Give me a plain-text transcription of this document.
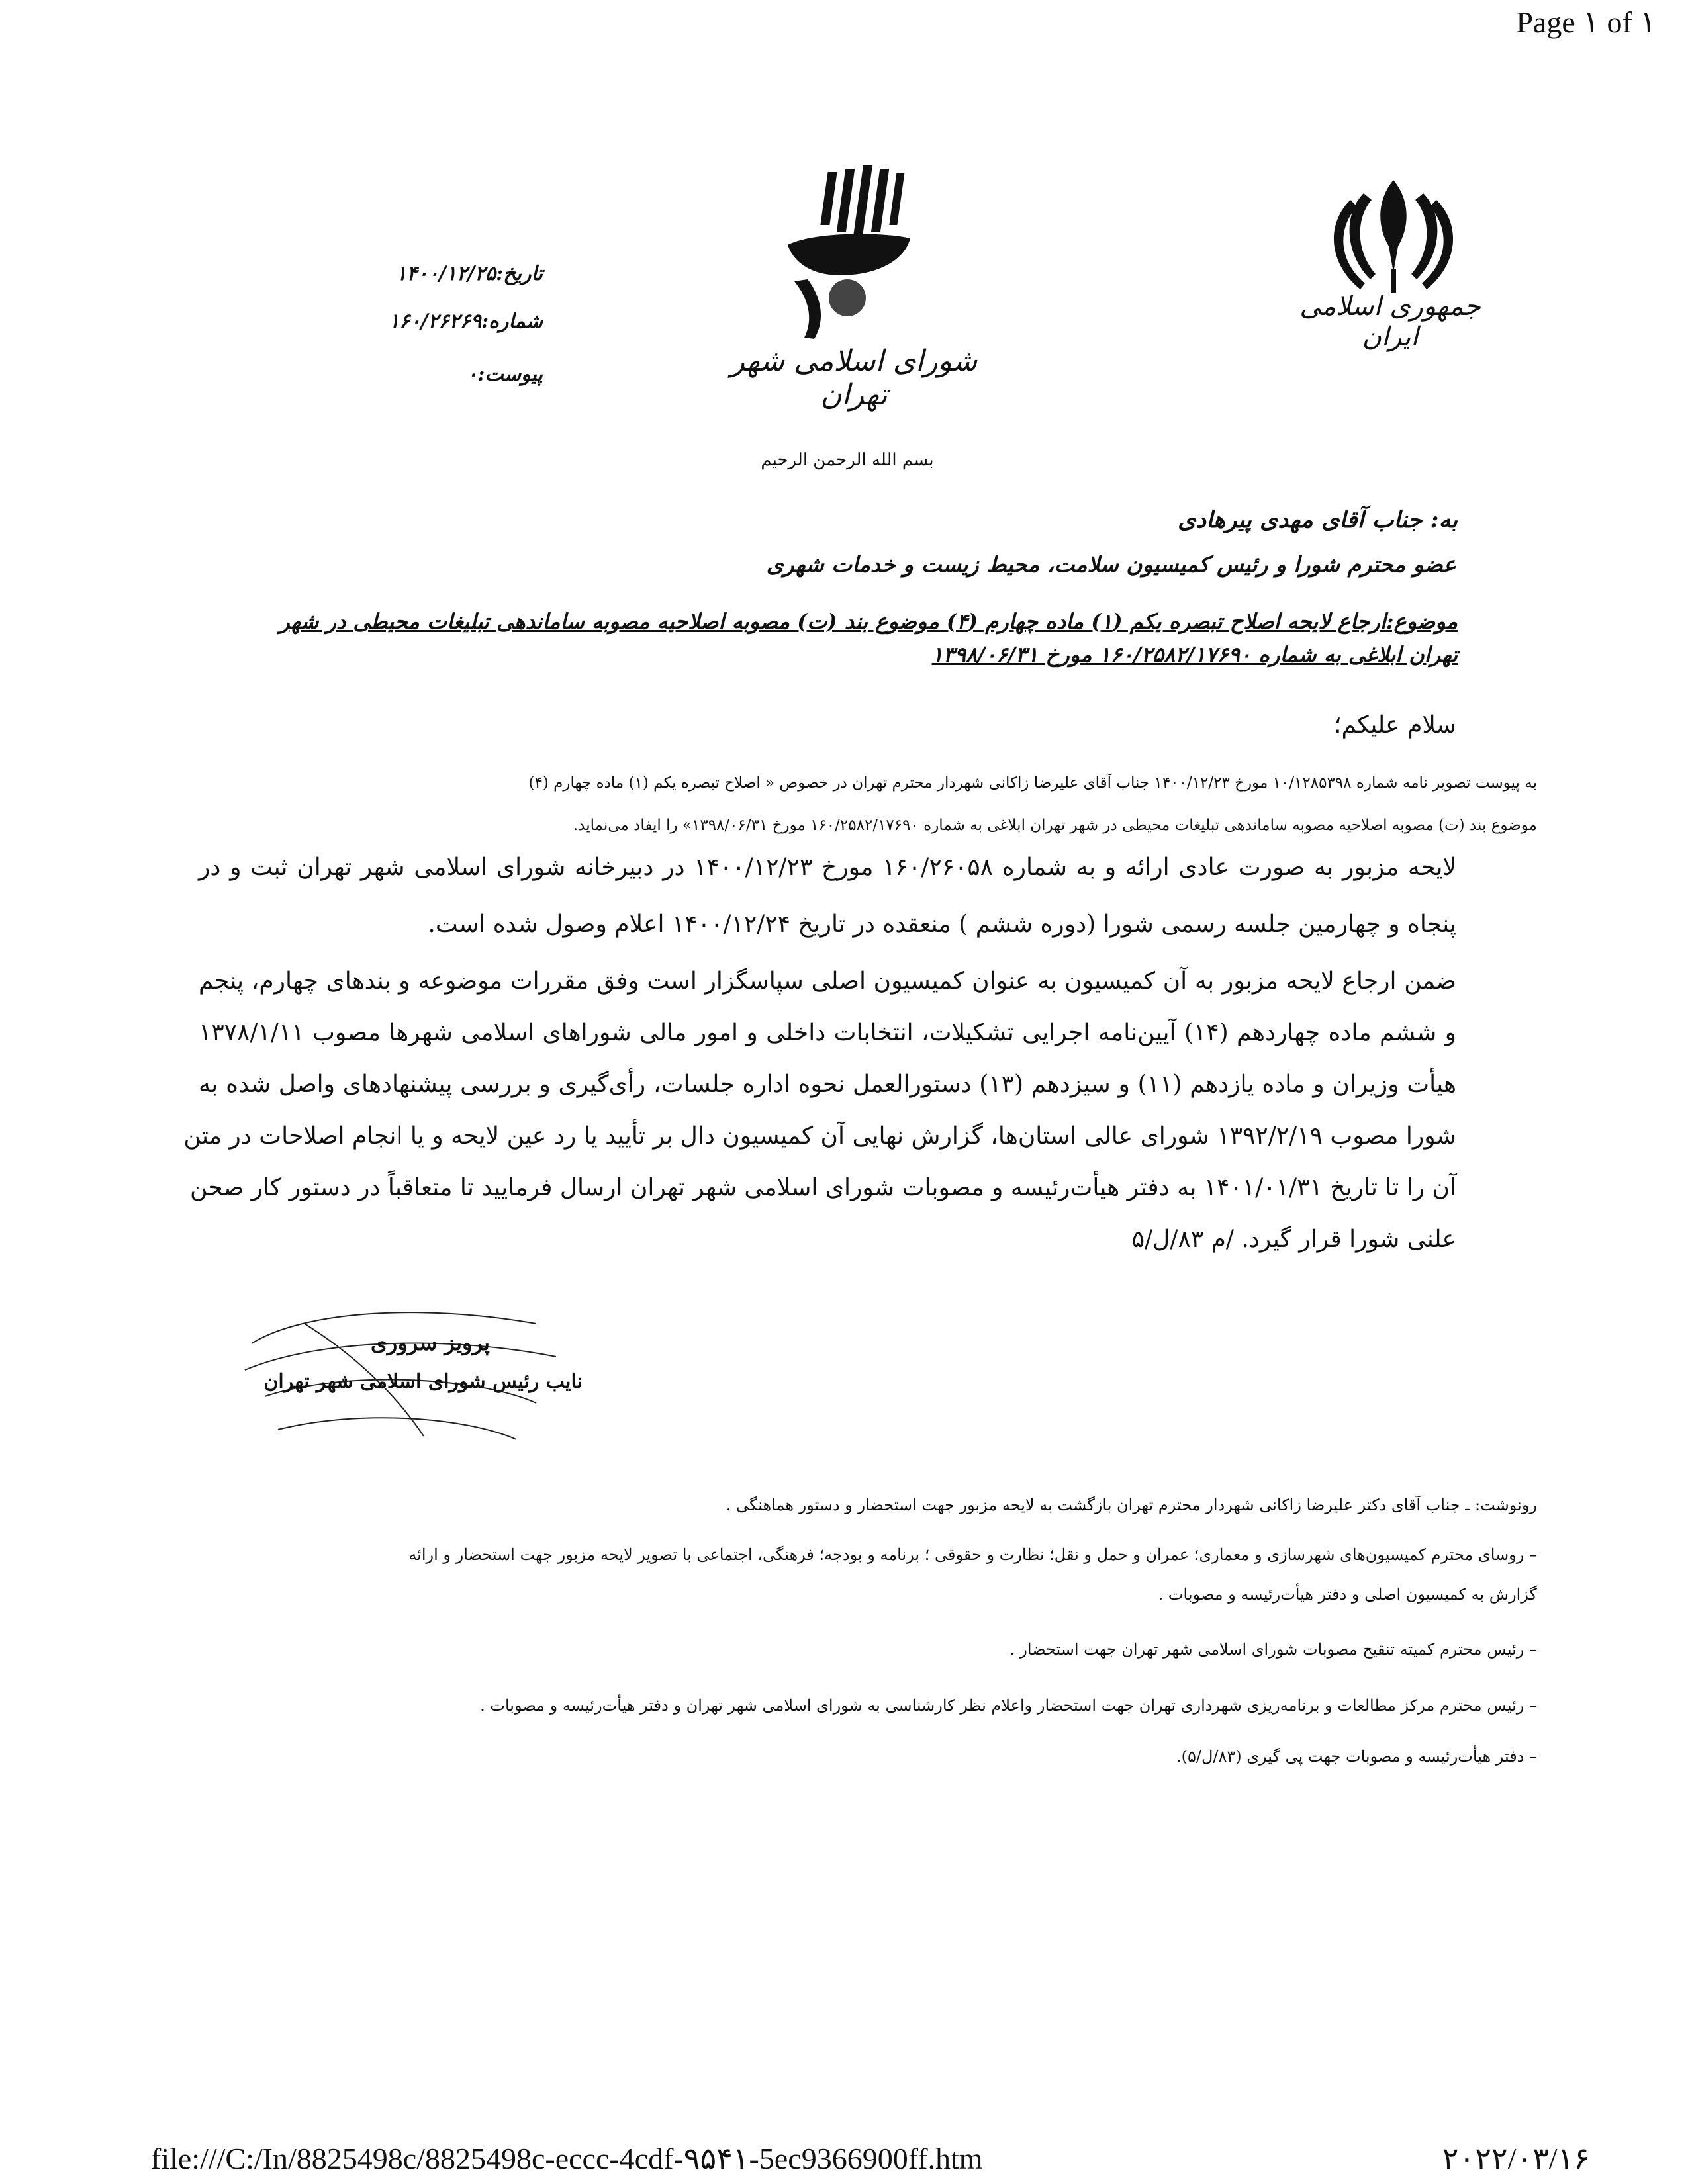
Page ۱ of ۱
جمهوری اسلامی ایران
شورای اسلامی شهر تهران
تاریخ:۱۴۰۰/۱۲/۲۵
شماره:۱۶۰/۲۶۲۶۹
پیوست:۰
بسم الله الرحمن الرحیم
به: جناب آقای مهدی پیرهادی
عضو محترم شورا و رئیس کمیسیون سلامت، محیط زیست و خدمات شهری
موضوع:ارجاع لایحه اصلاح تبصره یکم (۱) ماده چهارم (۴) موضوع بند (ت) مصوبه اصلاحیه مصوبه ساماندهی تبلیغات محیطی در شهر
تهران ابلاغی به شماره ۱۶۰/۲۵۸۲/۱۷۶۹۰ مورخ ۱۳۹۸/۰۶/۳۱
سلام علیکم؛
به پیوست تصویر نامه شماره ۱۰/۱۲۸۵۳۹۸ مورخ ۱۴۰۰/۱۲/۲۳ جناب آقای علیرضا زاکانی شهردار محترم تهران در خصوص « اصلاح تبصره یکم (۱) ماده چهارم (۴)
موضوع بند (ت) مصوبه اصلاحیه مصوبه ساماندهی تبلیغات محیطی در شهر تهران ابلاغی به شماره ۱۶۰/۲۵۸۲/۱۷۶۹۰ مورخ ۱۳۹۸/۰۶/۳۱» را ایفاد می‌نماید.
لایحه مزبور به صورت عادی ارائه و به شماره ۱۶۰/۲۶۰۵۸ مورخ ۱۴۰۰/۱۲/۲۳ در دبیرخانه شورای اسلامی شهر تهران ثبت و در
پنجاه و چهارمین جلسه رسمی شورا (دوره ششم ) منعقده در تاریخ ۱۴۰۰/۱۲/۲۴ اعلام وصول شده است.
ضمن ارجاع لایحه مزبور به آن کمیسیون به عنوان کمیسیون اصلی سپاسگزار است وفق مقررات موضوعه و بندهای چهارم، پنجم
و ششم ماده چهاردهم (۱۴) آیین‌نامه اجرایی تشکیلات، انتخابات داخلی و امور مالی شوراهای اسلامی شهرها مصوب ۱۳۷۸/۱/۱۱
هیأت وزیران و ماده یازدهم (۱۱) و سیزدهم (۱۳) دستورالعمل نحوه اداره جلسات، رأی‌گیری و بررسی پیشنهادهای واصل شده به
شورا مصوب ۱۳۹۲/۲/۱۹ شورای عالی استان‌ها، گزارش نهایی آن کمیسیون دال بر تأیید یا رد عین لایحه و یا انجام اصلاحات در متن
آن را تا تاریخ ۱۴۰۱/۰۱/۳۱ به دفتر هیأت‌رئیسه و مصوبات شورای اسلامی شهر تهران ارسال فرمایید تا متعاقباً در دستور کار صحن
علنی شورا قرار گیرد. /م ۸۳/ل/۵
پرویز سروری
نایب رئیس شورای اسلامی شهر تهران
رونوشت: ـ جناب آقای دکتر علیرضا زاکانی شهردار محترم تهران بازگشت به لایحه مزبور جهت استحضار و دستور هماهنگی .
– روسای محترم کمیسیون‌های شهرسازی و معماری؛ عمران و حمل و نقل؛ نظارت و حقوقی ؛ برنامه و بودجه؛ فرهنگی، اجتماعی با تصویر لایحه مزبور جهت استحضار و ارائه
گزارش به کمیسیون اصلی و دفتر هیأت‌رئیسه و مصوبات .
– رئیس محترم کمیته تنقیح مصوبات شورای اسلامی شهر تهران جهت استحضار .
– رئیس محترم مرکز مطالعات و برنامه‌ریزی شهرداری تهران جهت استحضار واعلام نظر کارشناسی به شورای اسلامی شهر تهران و دفتر هیأت‌رئیسه و مصوبات .
– دفتر هیأت‌رئیسه و مصوبات جهت پی گیری (۸۳/ل/۵).
file:///C:/In/8825498c/8825498c-eccc-4cdf-۹۵۴۱-5ec9366900ff.htm	۲۰۲۲/۰۳/۱۶
